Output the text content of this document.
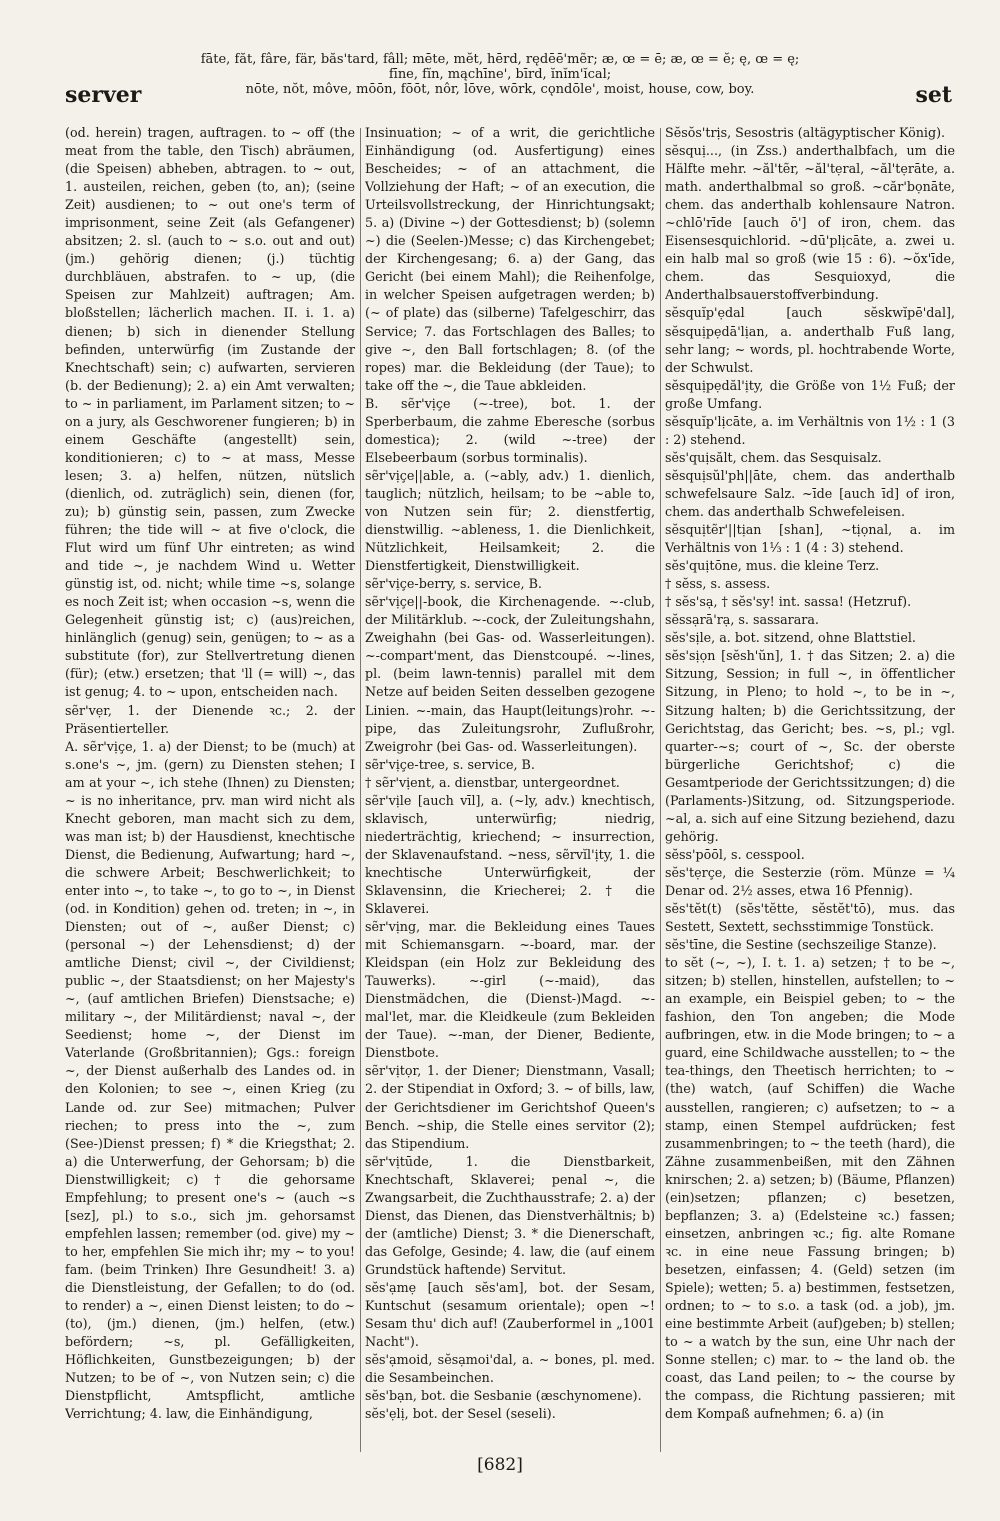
fāte, făt, fâre, fär, băs'tard, fâll; mēte, mĕt, hērd, rędēē'mẽr; æ, œ = ē; æ, œ = ĕ; ę, œ = ę;
fīne, fĭn, mąchīne', bīrd, ĭnĭm'ĭcal;
nōte, nŏt, môve, mōōn, fōōt, nôr, lōve, wōrk, cǫndōle', moist, house, cow, boy.
server	set

(od. herein) tragen, auftragen. to ~ off (the meat from the table, den Tisch) abräumen, (die Speisen) abheben, abtragen. to ~ out, 1. austeilen, reichen, geben (to, an); (seine Zeit) ausdienen; to ~ out one's term of imprisonment, seine Zeit (als Gefangener) absitzen; 2. sl. (auch to ~ s.o. out and out) (jm.) gehörig dienen; (j.) tüchtig durchbläuen, abstrafen. to ~ up, (die Speisen zur Mahlzeit) auftragen; Am. bloßstellen; lächerlich machen. II. i. 1. a) dienen; b) sich in dienender Stellung befinden, unterwürfig (im Zustande der Knechtschaft) sein; c) aufwarten, servieren (b. der Bedienung); 2. a) ein Amt verwalten; to ~ in parliament, im Parlament sitzen; to ~ on a jury, als Geschworener fungieren; b) in einem Geschäfte (angestellt) sein, konditionieren; c) to ~ at mass, Messe lesen; 3. a) helfen, nützen, nütslich (dienlich, od. zuträglich) sein, dienen (for, zu); b) günstig sein, passen, zum Zwecke führen; the tide will ~ at five o'clock, die Flut wird um fünf Uhr eintreten; as wind and tide ~, je nachdem Wind u. Wetter günstig ist, od. nicht; while time ~s, solange es noch Zeit ist; when occasion ~s, wenn die Gelegenheit günstig ist; c) (aus)reichen, hinlänglich (genug) sein, genügen; to ~ as a substitute (for), zur Stellvertretung dienen (für); (etw.) ersetzen; that 'll (= will) ~, das ist genug; 4. to ~ upon, entscheiden nach.

sẽr'vẹr, 1. der Dienende ꝛc.; 2. der Präsentierteller.

A. sẽr'vịçe, 1. a) der Dienst; to be (much) at s.one's ~, jm. (gern) zu Diensten stehen; I am at your ~, ich stehe (Ihnen) zu Diensten; ~ is no inheritance, prv. man wird nicht als Knecht geboren, man macht sich zu dem, was man ist; b) der Hausdienst, knechtische Dienst, die Bedienung, Aufwartung; hard ~, die schwere Arbeit; Beschwerlichkeit; to enter into ~, to take ~, to go to ~, in Dienst (od. in Kondition) gehen od. treten; in ~, in Diensten; out of ~, außer Dienst; c) (personal ~) der Lehensdienst; d) der amtliche Dienst; civil ~, der Civildienst; public ~, der Staatsdienst; on her Majesty's ~, (auf amtlichen Briefen) Dienstsache; e) military ~, der Militärdienst; naval ~, der Seedienst; home ~, der Dienst im Vaterlande (Großbritannien); Ggs.: foreign ~, der Dienst außerhalb des Landes od. in den Kolonien; to see ~, einen Krieg (zu Lande od. zur See) mitmachen; Pulver riechen; to press into the ~, zum (See-)Dienst pressen; f) * die Kriegsthat; 2. a) die Unterwerfung, der Gehorsam; b) die Dienstwilligkeit; c) † die gehorsame Empfehlung; to present one's ~ (auch ~s [sez], pl.) to s.o., sich jm. gehorsamst empfehlen lassen; remember (od. give) my ~ to her, empfehlen Sie mich ihr; my ~ to you! fam. (beim Trinken) Ihre Gesundheit! 3. a) die Dienstleistung, der Gefallen; to do (od. to render) a ~, einen Dienst leisten; to do ~ (to), (jm.) dienen, (jm.) helfen, (etw.) befördern; ~s, pl. Gefälligkeiten, Höflichkeiten, Gunstbezeigungen; b) der Nutzen; to be of ~, von Nutzen sein; c) die Dienstpflicht, Amtspflicht, amtliche Verrichtung; 4. law, die Einhändigung,

Insinuation; ~ of a writ, die gerichtliche Einhändigung (od. Ausfertigung) eines Bescheides; ~ of an attachment, die Vollziehung der Haft; ~ of an execution, die Urteilsvollstreckung, der Hinrichtungsakt; 5. a) (Divine ~) der Gottesdienst; b) (solemn ~) die (Seelen-)Messe; c) das Kirchengebet; der Kirchengesang; 6. a) der Gang, das Gericht (bei einem Mahl); die Reihenfolge, in welcher Speisen aufgetragen werden; b) (~ of plate) das (silberne) Tafelgeschirr, das Service; 7. das Fortschlagen des Balles; to give ~, den Ball fortschlagen; 8. (of the ropes) mar. die Bekleidung (der Taue); to take off the ~, die Taue abkleiden.

B. sẽr'vịçe (~-tree), bot. 1. der Sperberbaum, die zahme Eberesche (sorbus domestica); 2. (wild ~-tree) der Elsebeerbaum (sorbus torminalis).

sẽr'vịçe||able, a. (~ably, adv.) 1. dienlich, tauglich; nützlich, heilsam; to be ~able to, von Nutzen sein für; 2. dienstfertig, dienstwillig. ~ableness, 1. die Dienlichkeit, Nützlichkeit, Heilsamkeit; 2. die Dienstfertigkeit, Dienstwilligkeit.

sẽr'vịçe-berry, s. service, B.

sẽr'vịçe||-book, die Kirchenagende. ~-club, der Militärklub. ~-cock, der Zuleitungshahn, Zweighahn (bei Gas- od. Wasserleitungen). ~-compart'ment, das Dienstcoupé. ~-lines, pl. (beim lawn-tennis) parallel mit dem Netze auf beiden Seiten desselben gezogene Linien. ~-main, das Haupt(leitungs)rohr. ~-pipe, das Zuleitungsrohr, Zuflußrohr, Zweigrohr (bei Gas- od. Wasserleitungen).

sẽr'vịçe-tree, s. service, B.

† sẽr'vịent, a. dienstbar, untergeordnet.

sẽr'vịle [auch vīl], a. (~ly, adv.) knechtisch, sklavisch, unterwürfig; niedrig, niederträchtig, kriechend; ~ insurrection, der Sklavenaufstand. ~ness, sẽrvĭl'ịty, 1. die knechtische Unterwürfigkeit, der Sklavensinn, die Kriecherei; 2. † die Sklaverei.

sẽr'vịng, mar. die Bekleidung eines Taues mit Schiemansgarn. ~-board, mar. der Kleidspan (ein Holz zur Bekleidung des Tauwerks). ~-girl (~-maid), das Dienstmädchen, die (Dienst-)Magd. ~-mal'let, mar. die Kleidkeule (zum Bekleiden der Taue). ~-man, der Diener, Bediente, Dienstbote.

sẽr'vịtọr, 1. der Diener; Dienstmann, Vasall; 2. der Stipendiat in Oxford; 3. ~ of bills, law, der Gerichtsdiener im Gerichtshof Queen's Bench. ~ship, die Stelle eines servitor (2); das Stipendium.

sẽr'vịtūde, 1. die Dienstbarkeit, Knechtschaft, Sklaverei; penal ~, die Zwangsarbeit, die Zuchthausstrafe; 2. a) der Dienst, das Dienen, das Dienstverhältnis; b) der (amtliche) Dienst; 3. * die Dienerschaft, das Gefolge, Gesinde; 4. law, die (auf einem Grundstück haftende) Servitut.

sĕs'ạmẹ [auch sĕs'am], bot. der Sesam, Kuntschut (sesamum orientale); open ~! Sesam thu' dich auf! (Zauberformel in „1001 Nacht").

sĕs'ạmoid, sĕsạmoi'dal, a. ~ bones, pl. med. die Sesambeinchen.

sĕs'bạn, bot. die Sesbanie (æschynomene).

sĕs'ẹlị, bot. der Sesel (seseli).

Sĕsŏs'trịs, Sesostris (altägyptischer König).

sĕsquị..., (in Zss.) anderthalbfach, um die Hälfte mehr. ~ăl'tẽr, ~ăl'tẹral, ~ăl'tẹrāte, a. math. anderthalbmal so groß. ~căr'bọnāte, chem. das anderthalb kohlensaure Natron. ~chlō'rīde [auch ō'] of iron, chem. das Eisensesquichlorid. ~dū'plịcāte, a. zwei u. ein halb mal so groß (wie 15 : 6). ~ŏx'īde, chem. das Sesquioxyd, die Anderthalbsauerstoffverbindung.

sĕsquĭp'ẹdal [auch sĕskwĭpē'dal], sĕsquịpẹdā'lịan, a. anderthalb Fuß lang, sehr lang; ~ words, pl. hochtrabende Worte, der Schwulst.

sĕsquịpẹdăl'ịty, die Größe von 1½ Fuß; der große Umfang.

sĕsquĭp'lịcāte, a. im Verhältnis von 1½ : 1 (3 : 2) stehend.

sĕs'quịsălt, chem. das Sesquisalz.

sĕsquịsŭl'ph||āte, chem. das anderthalb schwefelsaure Salz. ~īde [auch īd] of iron, chem. das anderthalb Schwefeleisen.

sĕsquịtẽr'||tịan [shan], ~tịọnal, a. im Verhältnis von 1⅓ : 1 (4 : 3) stehend.

sĕs'quịtōne, mus. die kleine Terz.

† sĕss, s. assess.

† sĕs'sạ, † sĕs'sy! int. sassa! (Hetzruf).

sĕssạrā'rạ, s. sassarara.

sĕs'sịle, a. bot. sitzend, ohne Blattstiel.

sĕs'sịọn [sĕsh'ŭn], 1. † das Sitzen; 2. a) die Sitzung, Session; in full ~, in öffentlicher Sitzung, in Pleno; to hold ~, to be in ~, Sitzung halten; b) die Gerichtssitzung, der Gerichtstag, das Gericht; bes. ~s, pl.; vgl. quarter-~s; court of ~, Sc. der oberste bürgerliche Gerichtshof; c) die Gesamtperiode der Gerichtssitzungen; d) die (Parlaments-)Sitzung, od. Sitzungsperiode. ~al, a. sich auf eine Sitzung beziehend, dazu gehörig.

sĕss'pōōl, s. cesspool.

sĕs'tẹrçe, die Sesterzie (röm. Münze = ¼ Denar od. 2½ asses, etwa 16 Pfennig).

sĕs'tĕt(t) (sĕs'tĕtte, sĕstĕt'tō), mus. das Sestett, Sextett, sechsstimmige Tonstück.

sĕs'tīne, die Sestine (sechszeilige Stanze).

to sĕt (~, ~), I. t. 1. a) setzen; † to be ~, sitzen; b) stellen, hinstellen, aufstellen; to ~ an example, ein Beispiel geben; to ~ the fashion, den Ton angeben; die Mode aufbringen, etw. in die Mode bringen; to ~ a guard, eine Schildwache ausstellen; to ~ the tea-things, den Theetisch herrichten; to ~ (the) watch, (auf Schiffen) die Wache ausstellen, rangieren; c) aufsetzen; to ~ a stamp, einen Stempel aufdrücken; fest zusammenbringen; to ~ the teeth (hard), die Zähne zusammenbeißen, mit den Zähnen knirschen; 2. a) setzen; b) (Bäume, Pflanzen) (ein)setzen; pflanzen; c) besetzen, bepflanzen; 3. a) (Edelsteine ꝛc.) fassen; einsetzen, anbringen ꝛc.; fig. alte Romane ꝛc. in eine neue Fassung bringen; b) besetzen, einfassen; 4. (Geld) setzen (im Spiele); wetten; 5. a) bestimmen, festsetzen, ordnen; to ~ to s.o. a task (od. a job), jm. eine bestimmte Arbeit (auf)geben; b) stellen; to ~ a watch by the sun, eine Uhr nach der Sonne stellen; c) mar. to ~ the land ob. the coast, das Land peilen; to ~ the course by the compass, die Richtung passieren; mit dem Kompaß aufnehmen; 6. a) (in

[682]
